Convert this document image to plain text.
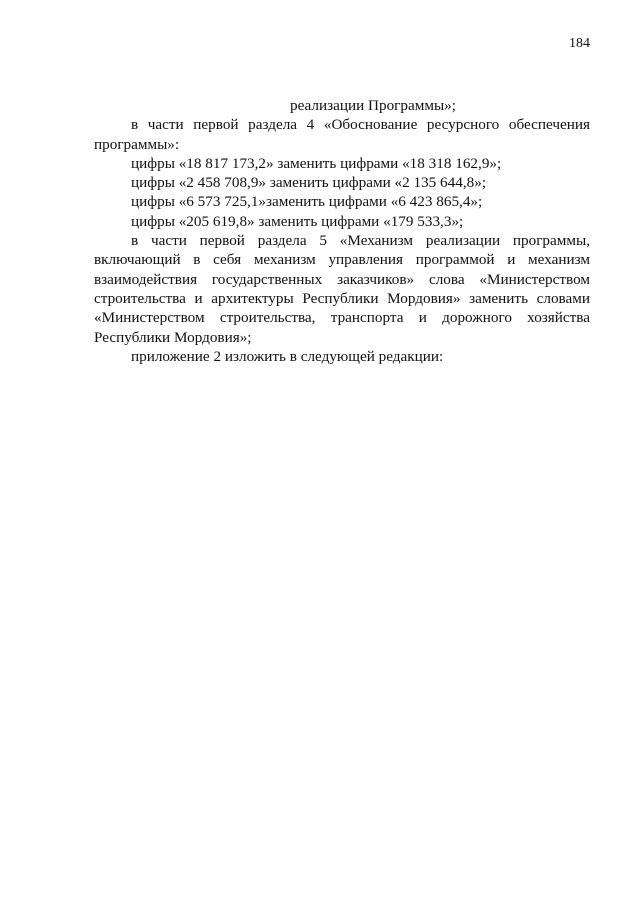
184

реализации Программы»;

в части первой раздела 4 «Обоснование ресурсного обеспечения программы»:

цифры «18 817 173,2» заменить цифрами «18 318 162,9»;

цифры «2 458 708,9» заменить цифрами «2 135 644,8»;

цифры «6 573 725,1»заменить цифрами «6 423 865,4»;

цифры «205 619,8» заменить цифрами «179 533,3»;

в части первой раздела 5 «Механизм реализации программы, включающий в себя механизм управления программой и механизм взаимодействия государственных заказчиков» слова «Министерством строительства и архитектуры Республики Мордовия» заменить словами «Министерством строительства, транспорта и дорожного хозяйства Республики Мордовия»;

приложение 2 изложить в следующей редакции:
